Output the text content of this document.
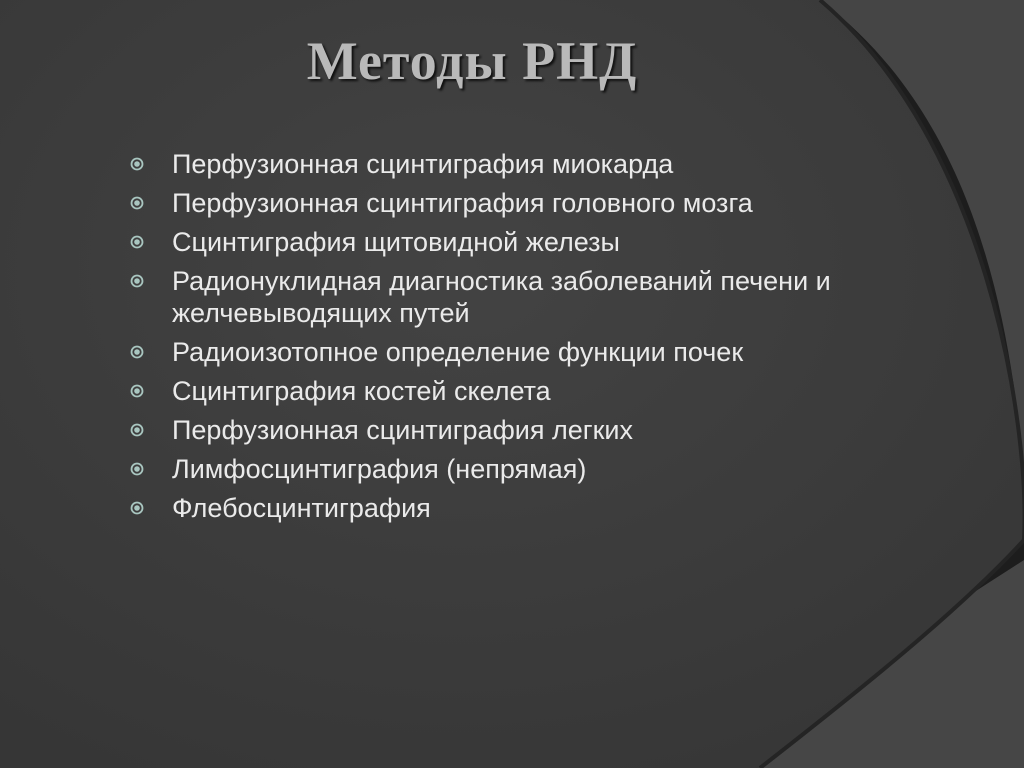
Методы РНД
Перфузионная сцинтиграфия миокарда
Перфузионная сцинтиграфия головного мозга
Сцинтиграфия щитовидной железы
Радионуклидная диагностика заболеваний печени и желчевыводящих путей
Радиоизотопное определение функции почек
Сцинтиграфия костей скелета
Перфузионная сцинтиграфия легких
Лимфосцинтиграфия (непрямая)
Флебосцинтиграфия
